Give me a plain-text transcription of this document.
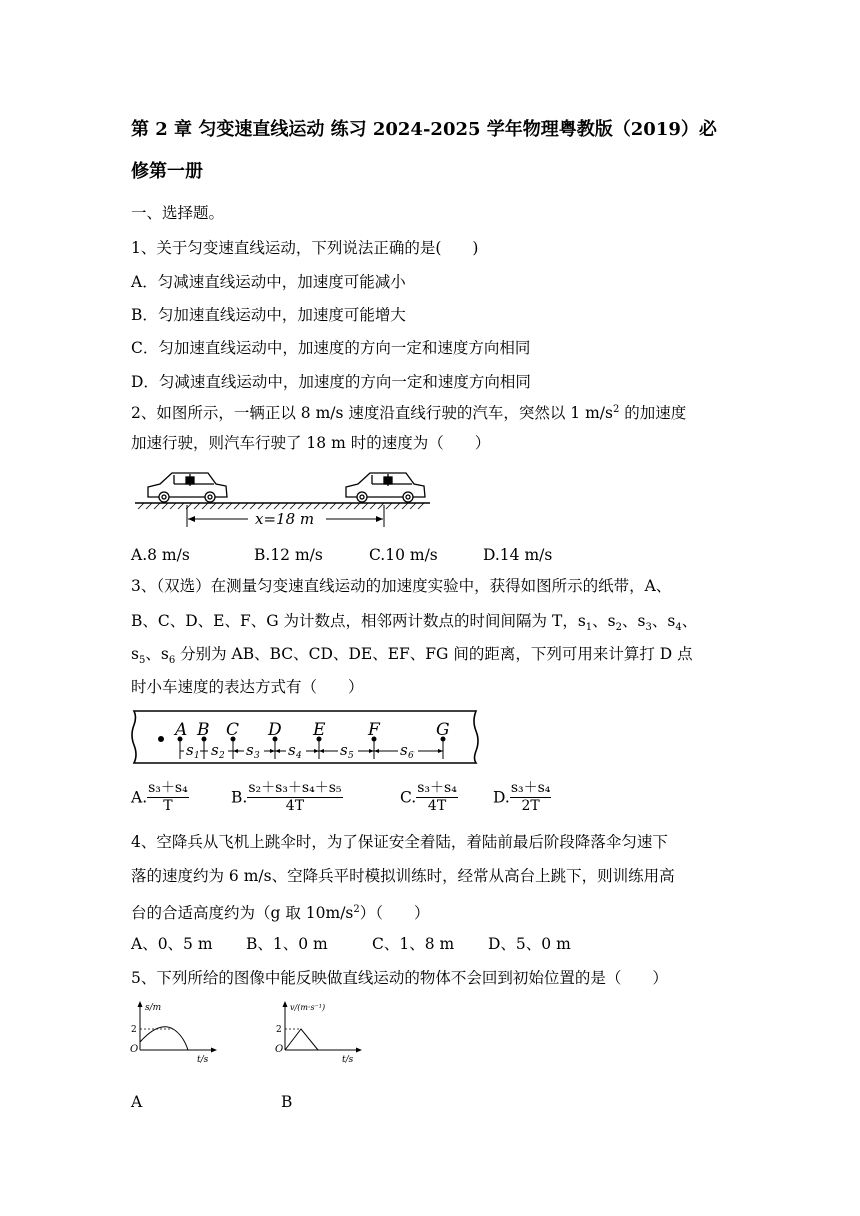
第 2 章 匀变速直线运动 练习 2024-2025 学年物理粤教版（2019）必
修第一册
一、选择题。
1、关于匀变速直线运动，下列说法正确的是(　　)
A．匀减速直线运动中，加速度可能减小
B．匀加速直线运动中，加速度可能增大
C．匀加速直线运动中，加速度的方向一定和速度方向相同
D．匀减速直线运动中，加速度的方向一定和速度方向相同
2、如图所示，一辆正以 8 m/s 速度沿直线行驶的汽车，突然以 1 $m/s^2$ 的加速度
加速行驶，则汽车行驶了 18 m 时的速度为（　　）
x=18 m
A.8 m/s	B.12 m/s	C.10 m/s	D.14 m/s
3、（双选）在测量匀变速直线运动的加速度实验中，获得如图所示的纸带，A、
B、C、D、E、F、G 为计数点，相邻两计数点的时间间隔为 T，$s_1$、$s_2$、$s_3$、$s_4$、
$s_5$、$s_6$ 分别为 AB、BC、CD、DE、EF、FG 间的距离，下列可用来计算打 D 点
时小车速度的表达方式有（　　）
A B C D E	F	G
s 1 s 2 s 3 s 4	s 5	s 6
A. $\frac{\text{s₃＋s₄}}{T}$	B. $\frac{\text{s₂＋s₃＋s₄＋s₅}}{4T}$	C. $\frac{\text{s₃＋s₄}}{4T} D$. $\frac{\text{s₃＋s₄}}{2T}$
4、空降兵从飞机上跳伞时，为了保证安全着陆，着陆前最后阶段降落伞匀速下
落的速度约为 6 m/s、空降兵平时模拟训练时，经常从高台上跳下，则训练用高
台的合适高度约为（g 取 $10m/s^2$）（　　）
A、0、5 m B、1、0 m	C、1、8 m D、5、0 m
5、下列所给的图像中能反映做直线运动的物体不会回到初始位置的是（　　）
s/m
2
O
t/s
v/(m·s⁻¹)
2
O
t/s
A	B
